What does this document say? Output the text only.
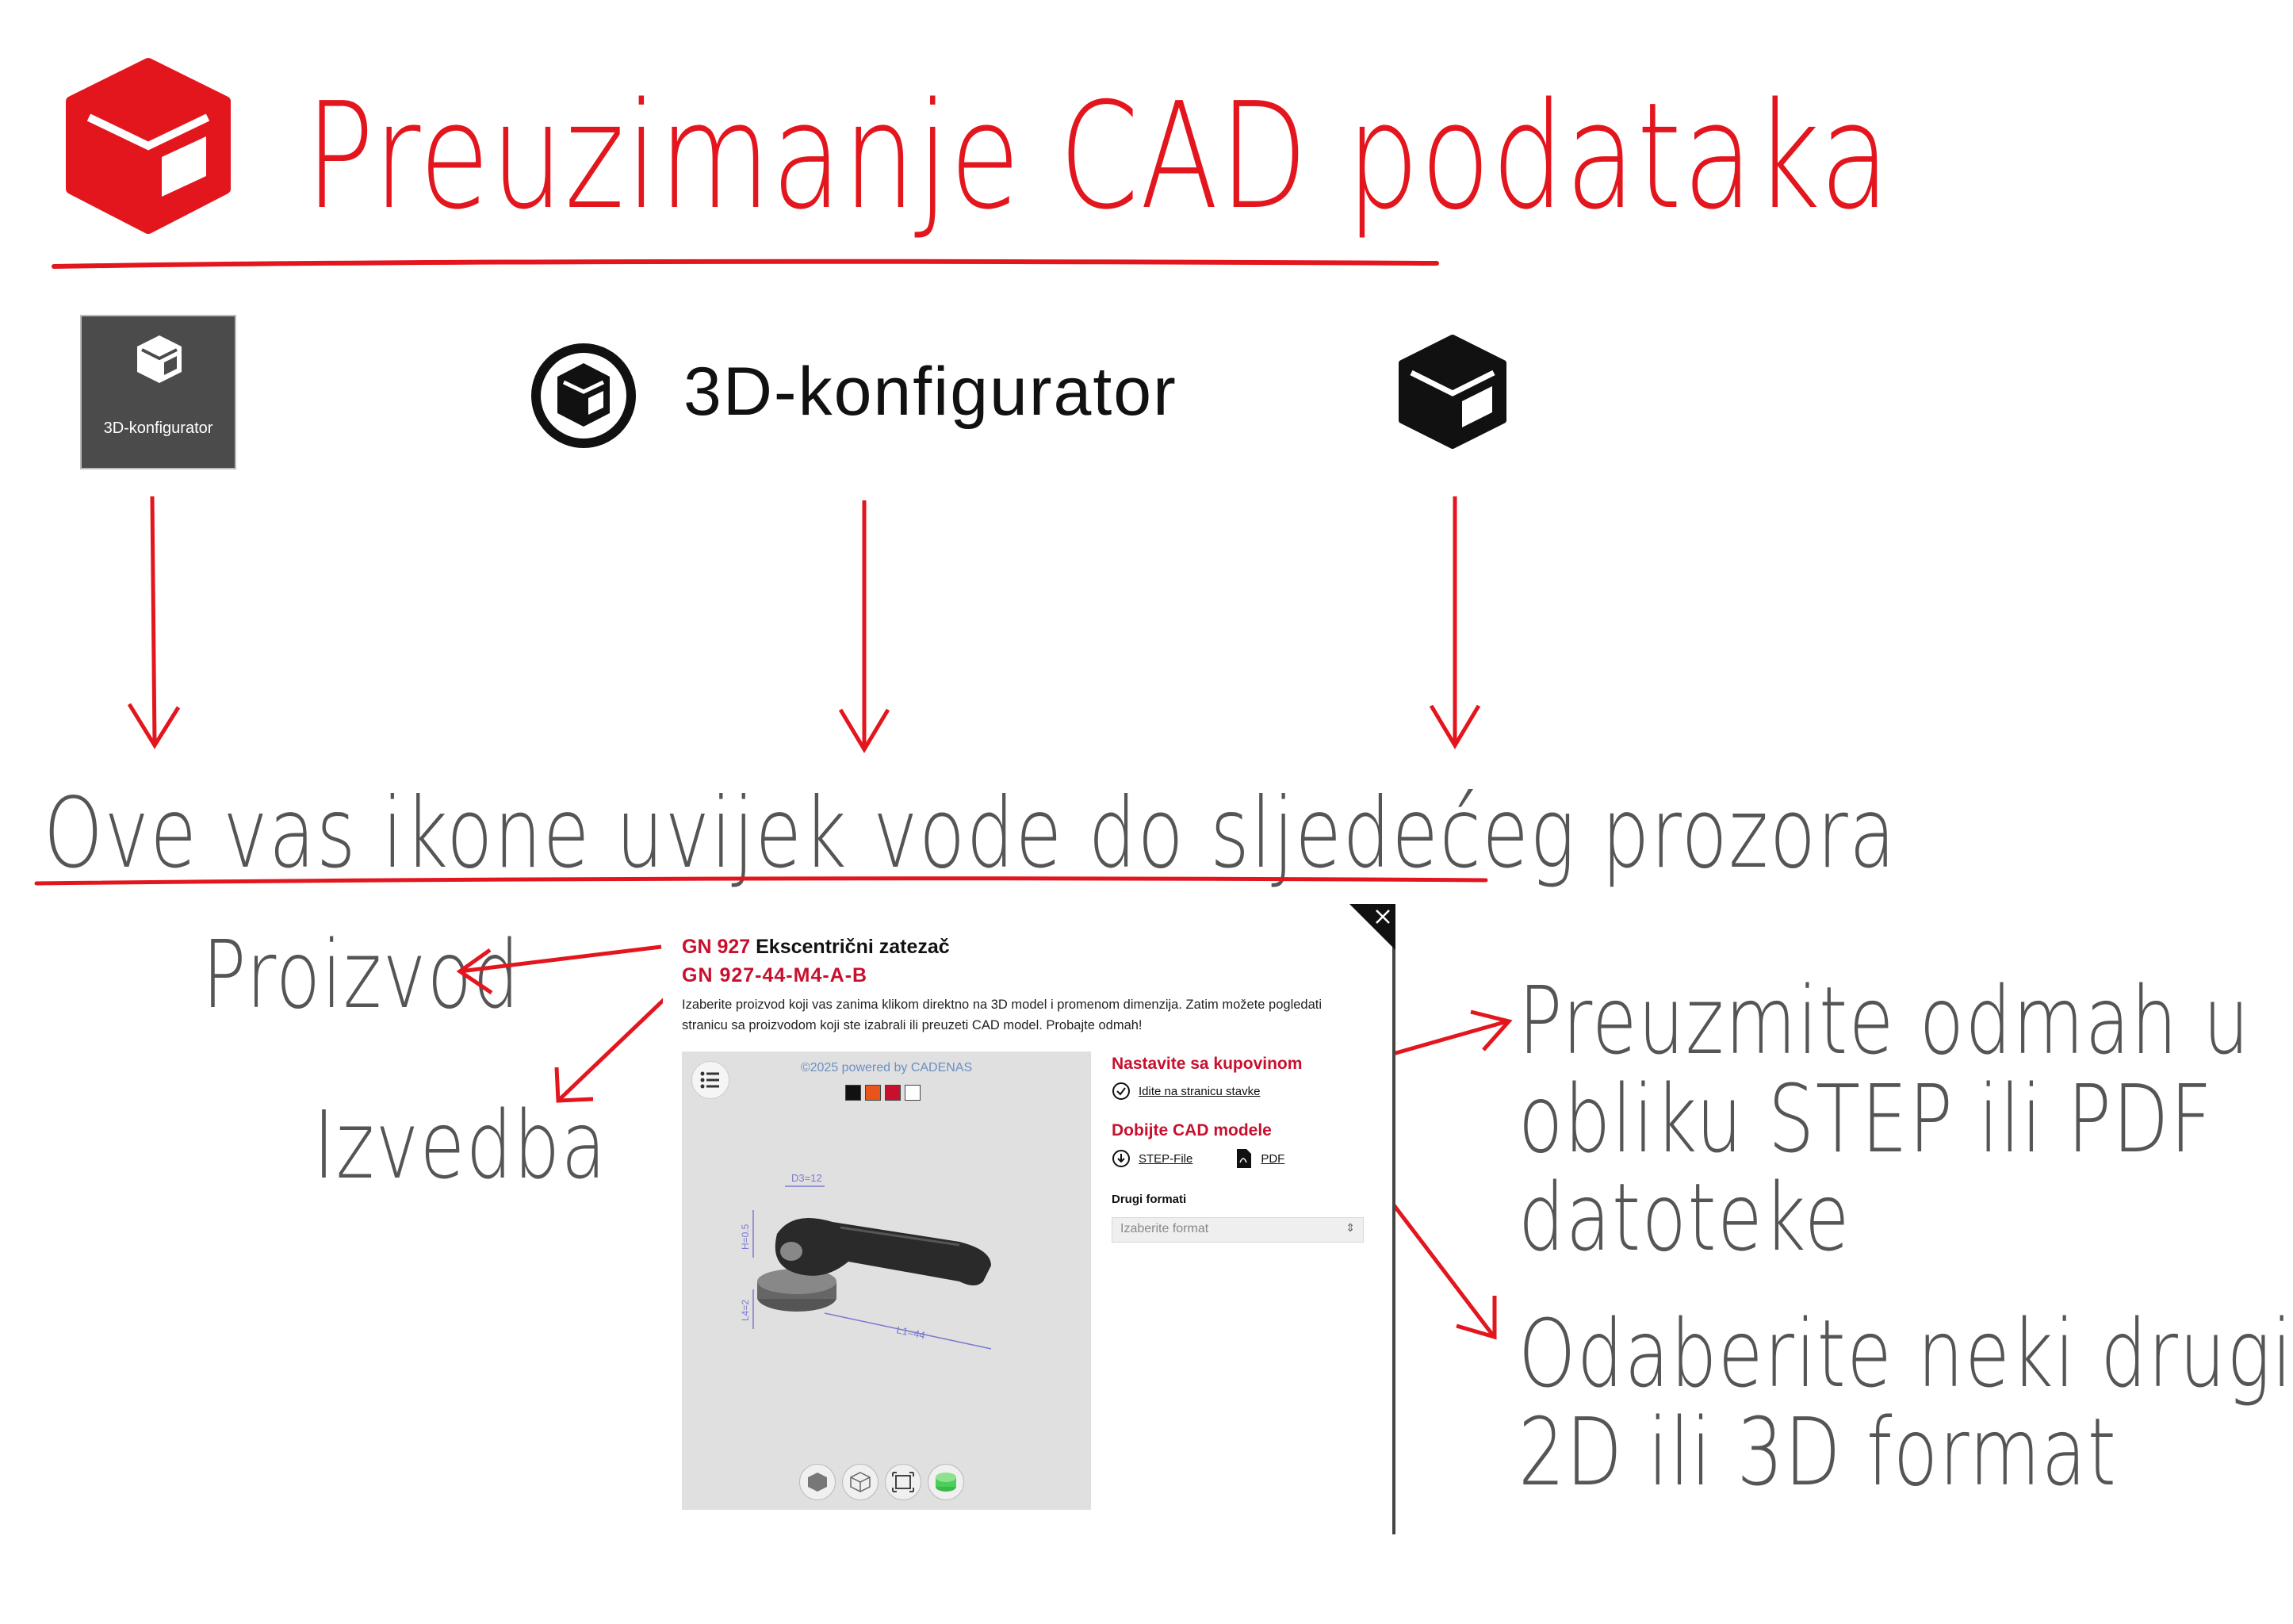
Preuzimanje CAD podataka
3D-konfigurator	3D-konfigurator
Ove vas ikone uvijek vode do sljedećeg prozora
Proizvod
Izvedba
Preuzmite odmah u
obliku STEP ili PDF
datoteke
Odaberite neki drugi
2D ili 3D format
GN 927 Ekscentrični zatezač
GN 927-44-M4-A-B
Izaberite proizvod koji vas zanima klikom direktno na 3D model i promenom dimenzija. Zatim možete pogledati stranicu sa proizvodom koji ste izabrali ili preuzeti CAD model. Probajte odmah!
©2025 powered by CADENAS
D3=12
H=0.5
L4=2
L1=44
Nastavite sa kupovinom
Idite na stranicu stavke
Dobijte CAD modele
STEP-File	PDF
Drugi formati
Izaberite format	⇕
